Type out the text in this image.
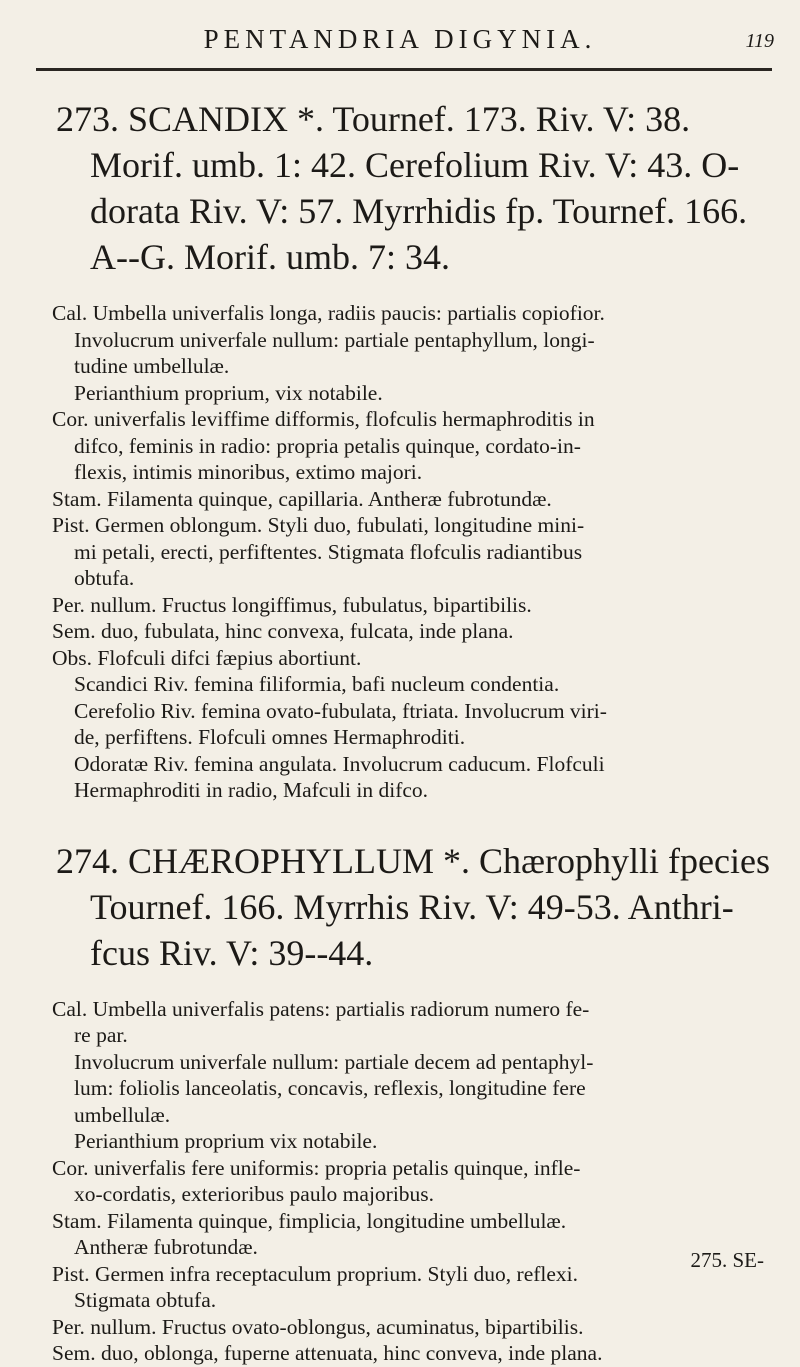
PENTANDRIA DIGYNIA.	119
273. SCANDIX *. Tournef. 173. Riv. V: 38.
Morif. umb. 1: 42. Cerefolium Riv. V: 43. O-
dorata Riv. V: 57. Myrrhidis fp. Tournef. 166.
A--G. Morif. umb. 7: 34.

Cal. Umbella univerfalis longa, radiis paucis: partialis copiofior.

Involucrum univerfale nullum: partiale pentaphyllum, longi-

tudine umbellulæ.

Perianthium proprium, vix notabile.

Cor. univerfalis leviffime difformis, flofculis hermaphroditis in

difco, feminis in radio: propria petalis quinque, cordato-in-

flexis, intimis minoribus, extimo majori.

Stam. Filamenta quinque, capillaria. Antheræ fubrotundæ.

Pist. Germen oblongum. Styli duo, fubulati, longitudine mini-

mi petali, erecti, perfiftentes. Stigmata flofculis radiantibus

obtufa.

Per. nullum. Fructus longiffimus, fubulatus, bipartibilis.

Sem. duo, fubulata, hinc convexa, fulcata, inde plana.

Obs. Flofculi difci fæpius abortiunt.

Scandici Riv. femina filiformia, bafi nucleum condentia.

Cerefolio Riv. femina ovato-fubulata, ftriata. Involucrum viri-

de, perfiftens. Flofculi omnes Hermaphroditi.

Odoratæ Riv. femina angulata. Involucrum caducum. Flofculi

Hermaphroditi in radio, Mafculi in difco.

274. CHÆROPHYLLUM *. Chærophylli fpecies
Tournef. 166. Myrrhis Riv. V: 49-53. Anthri-
fcus Riv. V: 39--44.

Cal. Umbella univerfalis patens: partialis radiorum numero fe-

re par.

Involucrum univerfale nullum: partiale decem ad pentaphyl-

lum: foliolis lanceolatis, concavis, reflexis, longitudine fere

umbellulæ.

Perianthium proprium vix notabile.

Cor. univerfalis fere uniformis: propria petalis quinque, infle-

xo-cordatis, exterioribus paulo majoribus.

Stam. Filamenta quinque, fimplicia, longitudine umbellulæ.

Antheræ fubrotundæ.

Pist. Germen infra receptaculum proprium. Styli duo, reflexi.

Stigmata obtufa.

Per. nullum. Fructus ovato-oblongus, acuminatus, bipartibilis.

Sem. duo, oblonga, fuperne attenuata, hinc conveva, inde plana.

275. SE-
